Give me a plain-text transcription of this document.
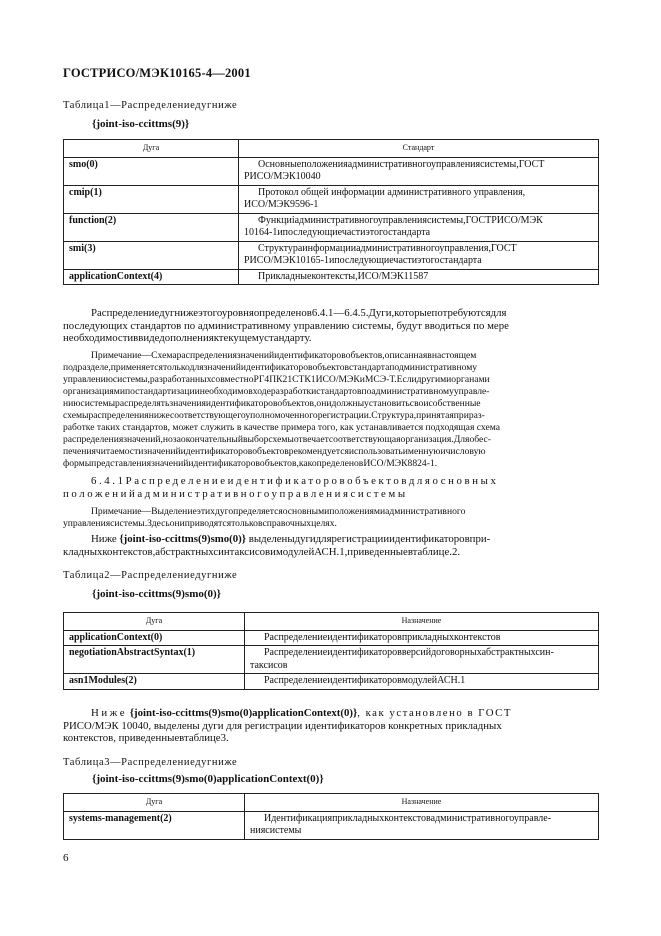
ГОСТРИСО/МЭК10165-4—2001
Таблица1—Распределениедугниже
{joint-iso-ccittms(9)}
Дуга	Стандарт
smo(0)	Основныеположенияадминистративногоуправлениясистемы,ГОСТ
РИСО/МЭК10040

cmip(1)	Протокол общей информации административного управления,
ИСО/МЭК9596-1

function(2)	Функциiадминистративногоуправлениясистемы,ГОСТРИСО/МЭК
10164-1ипоследующиечастиэтогостандарта

smi(3)	Структураинформацииадминистративногоуправления,ГОСТ
РИСО/МЭК10165-1ипоследующиечастиэтогостандарта

applicationContext(4)	Прикладныеконтексты,ИСО/МЭК11587
Распределениедугнижеэтогоуровняопределенов6.4.1—6.4.5.Дуги,которыепотребуютсядля
последующих стандартов по административному управлению системы, будут вводиться по мере
необходимостиввидедополненияктекущемустандарту.
Примечание—Схемараспределениязначенийидентификаторовобъектов,описаннаявнастоящем
подразделе,применяетсятолькодлязначенийидентификаторовобъектовстандартаподминистративному
управлениюсистемы,разработанныхсовместноРГ4ПК21СТК1ИСО/МЭКиМСЭ-Т.Еслидругимиорганами
организациямипостандартизациинеобходимовходеразработкистандартовпоадминистративномууправле-
ниюсистемыраспределятьзначенияидентификаторовобъектов,онидолжныустановитьсвоисобственные
схемыраспределениянижесоответствующегоуполномоченногорегистрации.Структура,принятаяприраз-
работке таких стандартов, может служить в качестве примера того, как устанавливается подходящая схема
распределениязначений,нозаокончательныйвыборсхемыотвечаетсоответствующаяорганизация.Дляобес-
печениячитаемостизначенийидентификаторовобъектоврекомендуетсяиспользоватьименнуюичисловую
формыпредставлениязначенийидентификаторовобъектов,какопределеновИСО/МЭК8824-1.
6.4.1Распределениеидентификаторовобъектовдляосновных
положенийадминистративногоуправлениясистемы
Примечание—Выделениеэтихдугопределяетсяосновнымиположениямиадминистративного
управлениясистемы.Здесьониприводятсятольковсправочныхцелях.
Ниже {joint-iso-ccittms(9)smo(0)} выделеныдугидлярегистрацииидентификаторовпри-
кладныхконтекстов,абстрактныхсинтаксисовимодулейАСН.1,приведенныевтаблице.2.
Таблица2—Распределениедугниже
{joint-iso-ccittms(9)smo(0)}
Дуга	Назначение
applicationContext(0)	Распределениеидентификаторовприкладныхконтекстов

negotiationAbstractSyntax(1)	Распределениеидентификаторовверсийдоговорныхабстрактныхсин-
таксисов

asn1Modules(2)	РаспределениеидентификаторовмодулейАСН.1
Ниже {joint-iso-ccittms(9)smo(0)applicationContext(0)}, как установлено в ГОСТ
РИСО/МЭК 10040, выделены дуги для регистрации идентификаторов конкретных прикладных
контекстов, приведенныевтаблице3.
Таблица3—Распределениедугниже
{joint-iso-ccittms(9)smo(0)applicationContext(0)}
Дуга	Назначение
systems-management(2)	Идентификацияприкладныхконтекстовадминистративногоуправле-
ниясистемы
6
